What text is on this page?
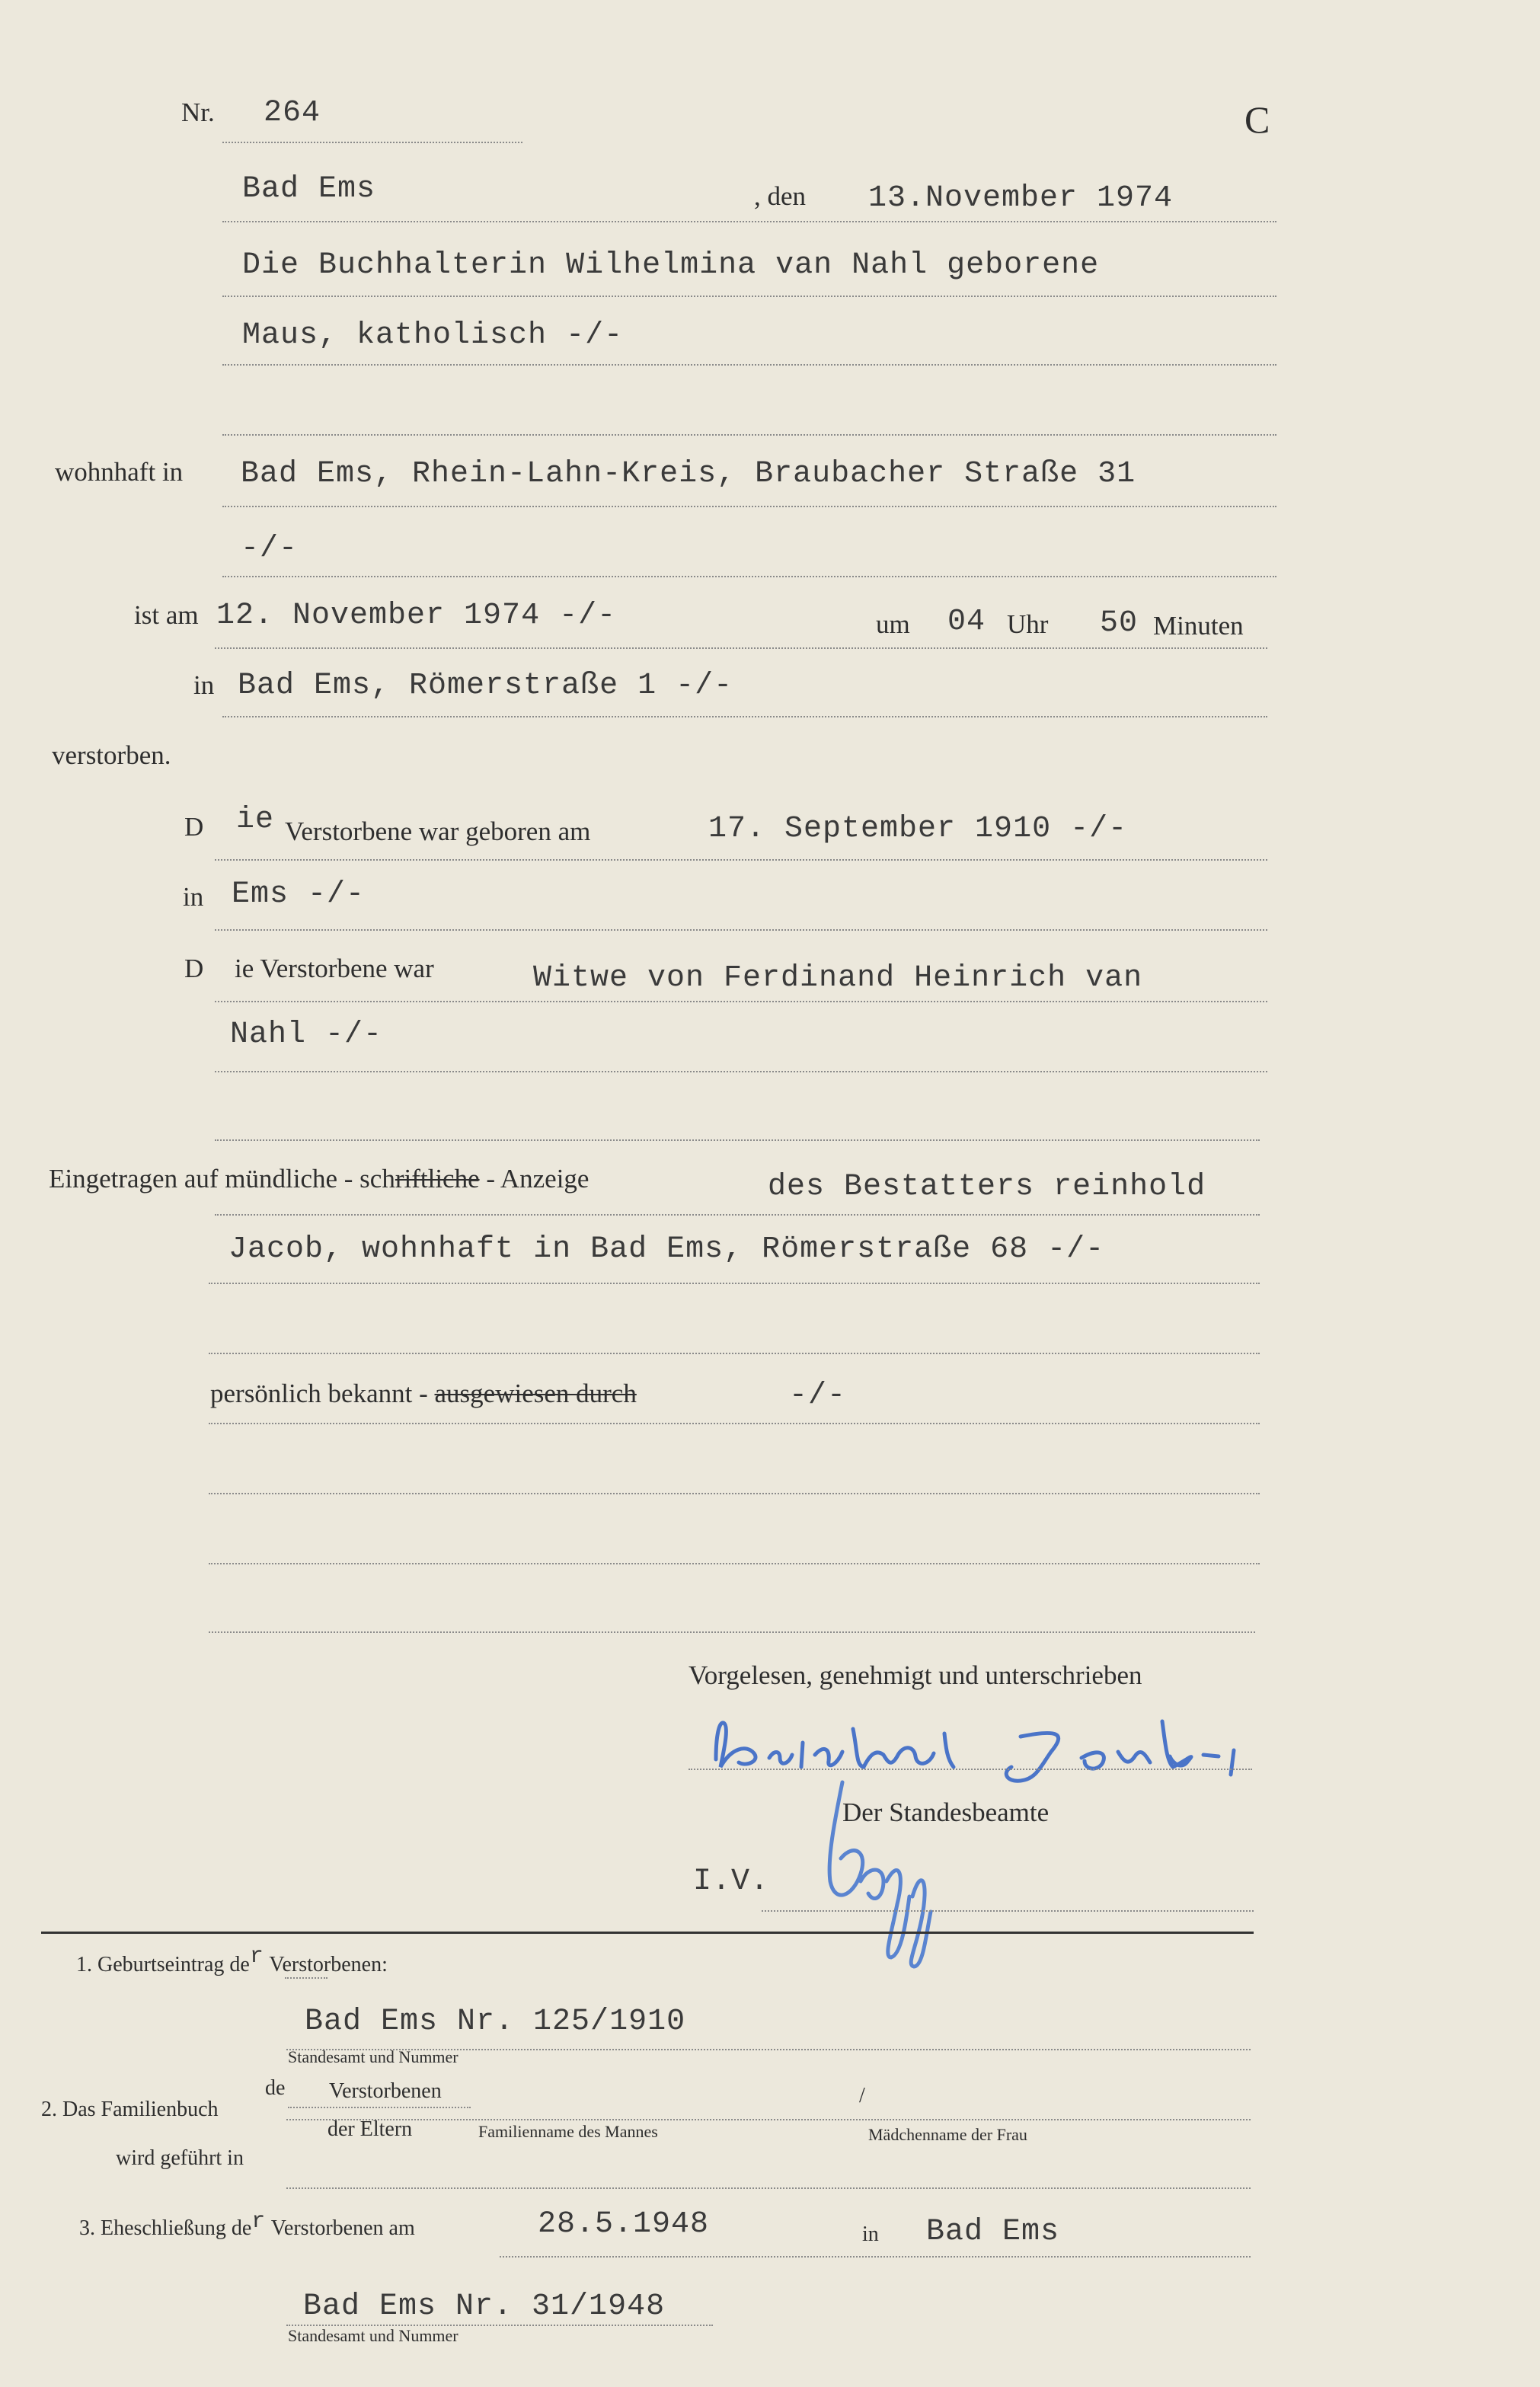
Nr. 264	C
Bad Ems	, den 13.November 1974
Die Buchhalterin Wilhelmina van Nahl geborene
Maus, katholisch -/-
wohnhaft in Bad Ems, Rhein-Lahn-Kreis, Braubacher Straße 31
-/-
ist am 12. November 1974 -/-	um 04 Uhr 50 Minuten
in Bad Ems, Römerstraße 1 -/-
verstorben.
D ie Verstorbene war geboren am	17. September 1910 -/-
in Ems -/-
D ie Verstorbene war	Witwe von Ferdinand Heinrich van
Nahl -/-
Eingetragen auf mündliche - schriftliche - Anzeige	des Bestatters reinhold
Jacob, wohnhaft in Bad Ems, Römerstraße 68 -/-
persönlich bekannt - ausgewiesen durch	-/-
Vorgelesen, genehmigt und unterschrieben
Der Standesbeamte
I.V.
1. Geburtseintrag der Verstorbenen:
Bad Ems Nr. 125/1910
Standesamt und Nummer
2. Das Familienbuch
de Verstorbenen
der Eltern	Familienname des Mannes
/
Mädchenname der Frau
wird geführt in
3. Eheschließung der Verstorbenen am	28.5.1948	in Bad Ems
Bad Ems Nr. 31/1948
Standesamt und Nummer
